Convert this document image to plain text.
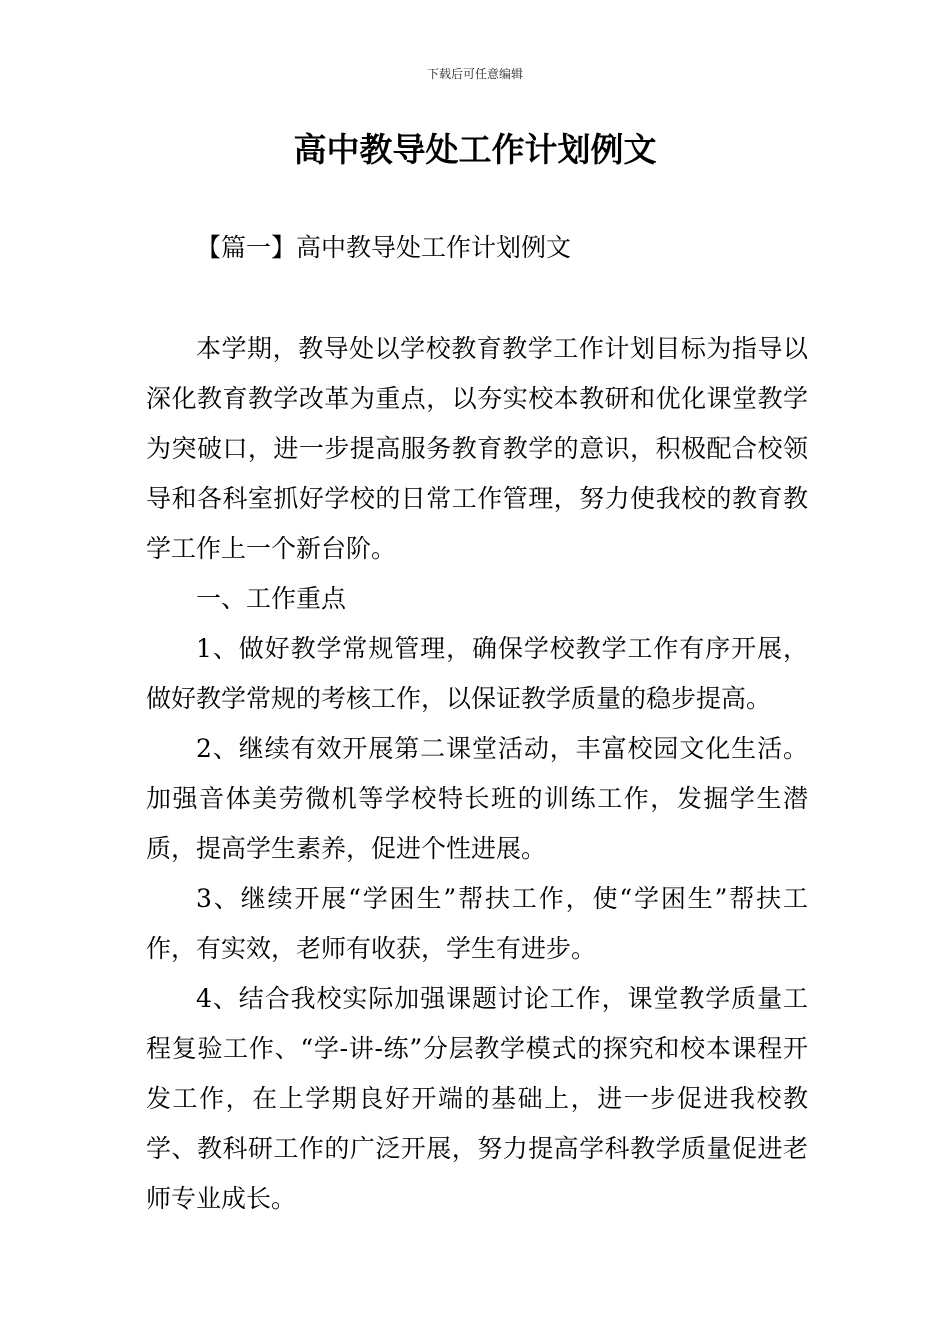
下载后可任意编辑
高中教导处工作计划例文
【篇一】高中教导处工作计划例文

本学期，教导处以学校教育教学工作计划目标为指导以深化教育教学改革为重点，以夯实校本教研和优化课堂教学为突破口，进一步提高服务教育教学的意识，积极配合校领导和各科室抓好学校的日常工作管理，努力使我校的教育教学工作上一个新台阶。

一、工作重点

1、做好教学常规管理，确保学校教学工作有序开展，做好教学常规的考核工作，以保证教学质量的稳步提高。

2、继续有效开展第二课堂活动，丰富校园文化生活。加强音体美劳微机等学校特长班的训练工作，发掘学生潜质，提高学生素养，促进个性进展。

3、继续开展“学困生”帮扶工作，使“学困生”帮扶工作，有实效，老师有收获，学生有进步。

4、结合我校实际加强课题讨论工作，课堂教学质量工程复验工作、“学-讲-练”分层教学模式的探究和校本课程开发工作，在上学期良好开端的基础上，进一步促进我校教学、教科研工作的广泛开展，努力提高学科教学质量促进老师专业成长。
